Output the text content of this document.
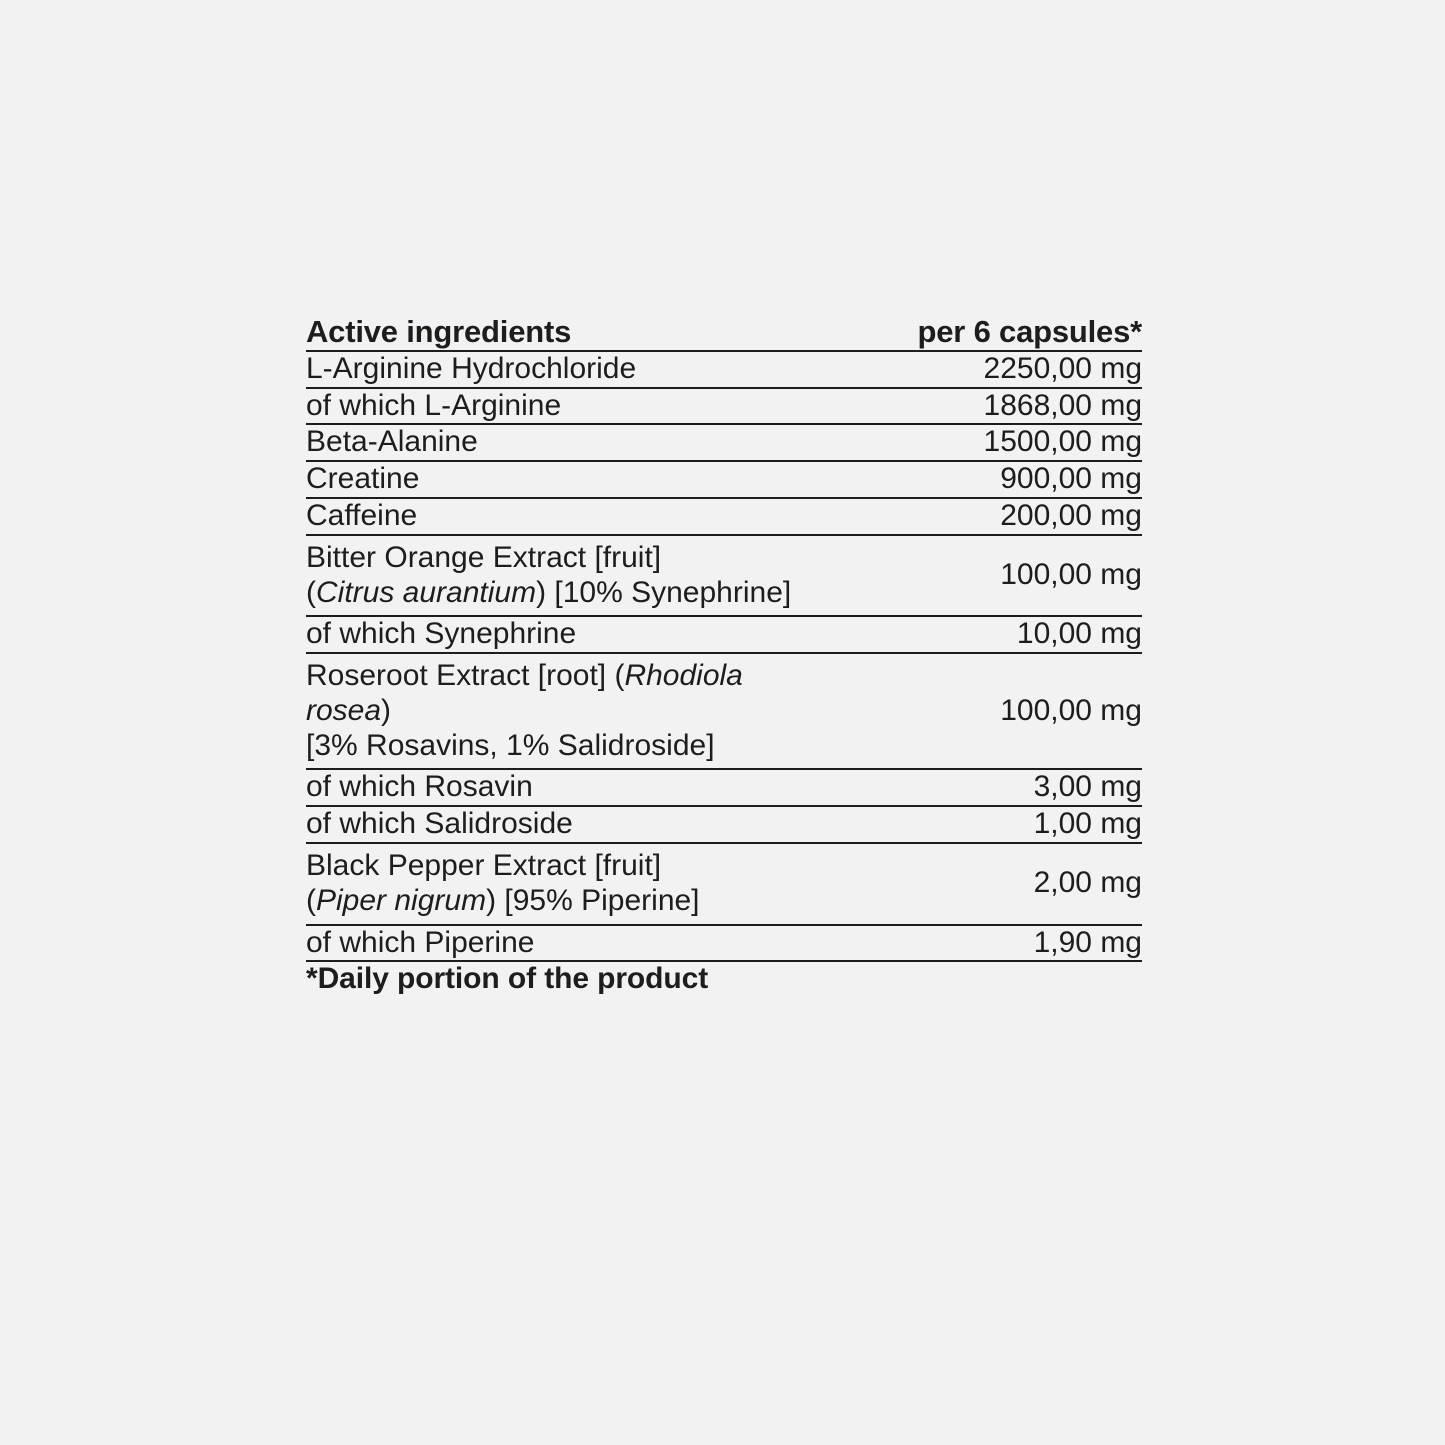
Active ingredients	per 6 capsules*
L-Arginine Hydrochloride	2250,00 mg
of which L-Arginine	1868,00 mg
Beta-Alanine	1500,00 mg
Creatine	900,00 mg
Caffeine	200,00 mg

Bitter Orange Extract [fruit]
(Citrus aurantium) [10% Synephrine]	100,00 mg
of which Synephrine	10,00 mg

Roseroot Extract [root] (Rhodiola rosea)
[3% Rosavins, 1% Salidroside]	100,00 mg
of which Rosavin	3,00 mg
of which Salidroside	1,00 mg

Black Pepper Extract [fruit]
(Piper nigrum) [95% Piperine]	2,00 mg
of which Piperine	1,90 mg
*Daily portion of the product	
